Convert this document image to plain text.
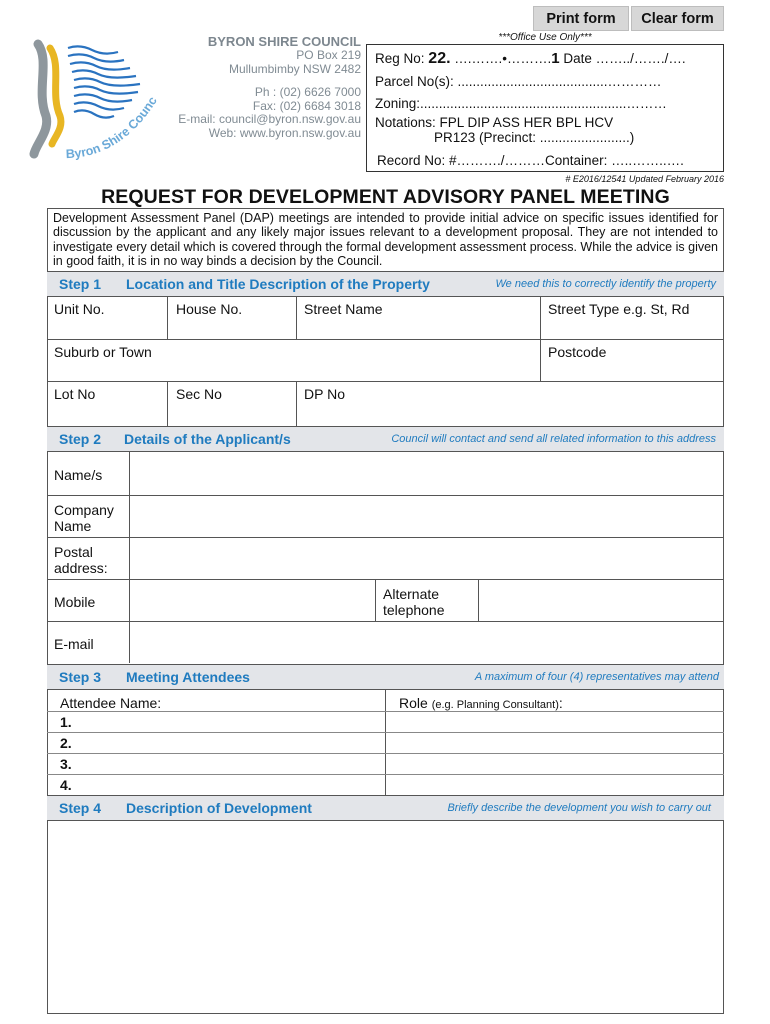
Print form	Clear form
Byron Shire Counc
BYRON SHIRE COUNCIL
PO Box 219
Mullumbimby NSW 2482
Ph : (02) 6626 7000
Fax: (02) 6684 3018
E-mail: council@byron.nsw.gov.au
Web: www.byron.nsw.gov.au
***Office Use Only***
Reg No: 22. ….…….•……….1 Date ……../……./….
Parcel No(s): ........................................…………
Zoning:.......................................................………
Notations: FPL DIP ASS HER BPL HCV
PR123 (Precinct: ........................)
Record No: #………./………Container: …..……..….
# E2016/12541 Updated February 2016
REQUEST FOR DEVELOPMENT ADVISORY PANEL MEETING
Development Assessment Panel (DAP) meetings are intended to provide initial advice on specific issues identified for discussion by the applicant and any likely major issues relevant to a development proposal. They are not intended to investigate every detail which is covered through the formal development assessment process. While the advice is given in good faith, it is in no way binds a decision by the Council.
Step 1 Location and Title Description of the Property	We need this to correctly identify the property
Unit No.	House No.	Street Name	Street Type e.g. St, Rd
Suburb or Town	Postcode
Lot No	Sec No	DP No
Step 2 Details of the Applicant/s	Council will contact and send all related information to this address
Name/s
Company Name
Postal address:
Mobile	Alternate telephone
E-mail
Step 3 Meeting Attendees	A maximum of four (4) representatives may attend
Attendee Name:	Role (e.g. Planning Consultant):
1.
2.
3.
4.
Step 4 Description of Development	Briefly describe the development you wish to carry out
